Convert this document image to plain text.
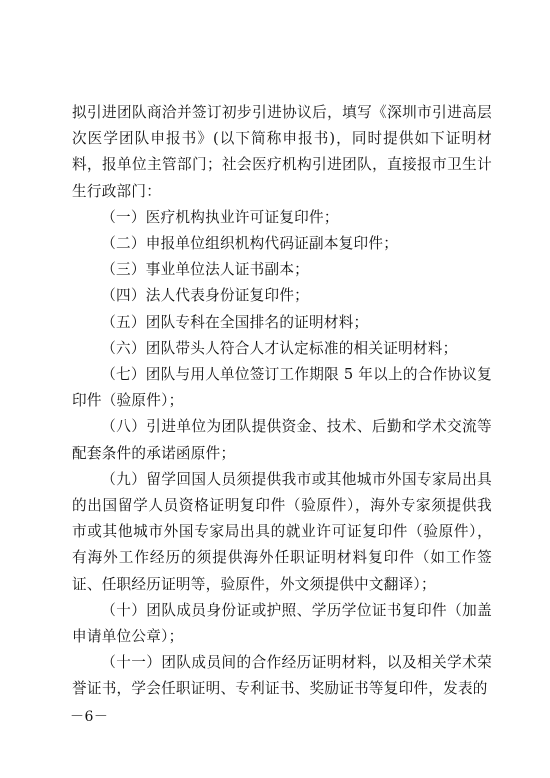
拟引进团队商洽并签订初步引进协议后，填写《深圳市引进高层次医学团队申报书》(以下简称申报书)，同时提供如下证明材料，报单位主管部门；社会医疗机构引进团队，直接报市卫生计生行政部门：

（一）医疗机构执业许可证复印件；

（二）申报单位组织机构代码证副本复印件；

（三）事业单位法人证书副本；

（四）法人代表身份证复印件；

（五）团队专科在全国排名的证明材料；

（六）团队带头人符合人才认定标准的相关证明材料；

（七）团队与用人单位签订工作期限 5 年以上的合作协议复印件（验原件）；

（八）引进单位为团队提供资金、技术、后勤和学术交流等配套条件的承诺函原件；

（九）留学回国人员须提供我市或其他城市外国专家局出具的出国留学人员资格证明复印件（验原件），海外专家须提供我市或其他城市外国专家局出具的就业许可证复印件（验原件），有海外工作经历的须提供海外任职证明材料复印件（如工作签证、任职经历证明等，验原件，外文须提供中文翻译）；

（十）团队成员身份证或护照、学历学位证书复印件（加盖申请单位公章）；

（十一）团队成员间的合作经历证明材料，以及相关学术荣誉证书，学会任职证明、专利证书、奖励证书等复印件，发表的

－6－
